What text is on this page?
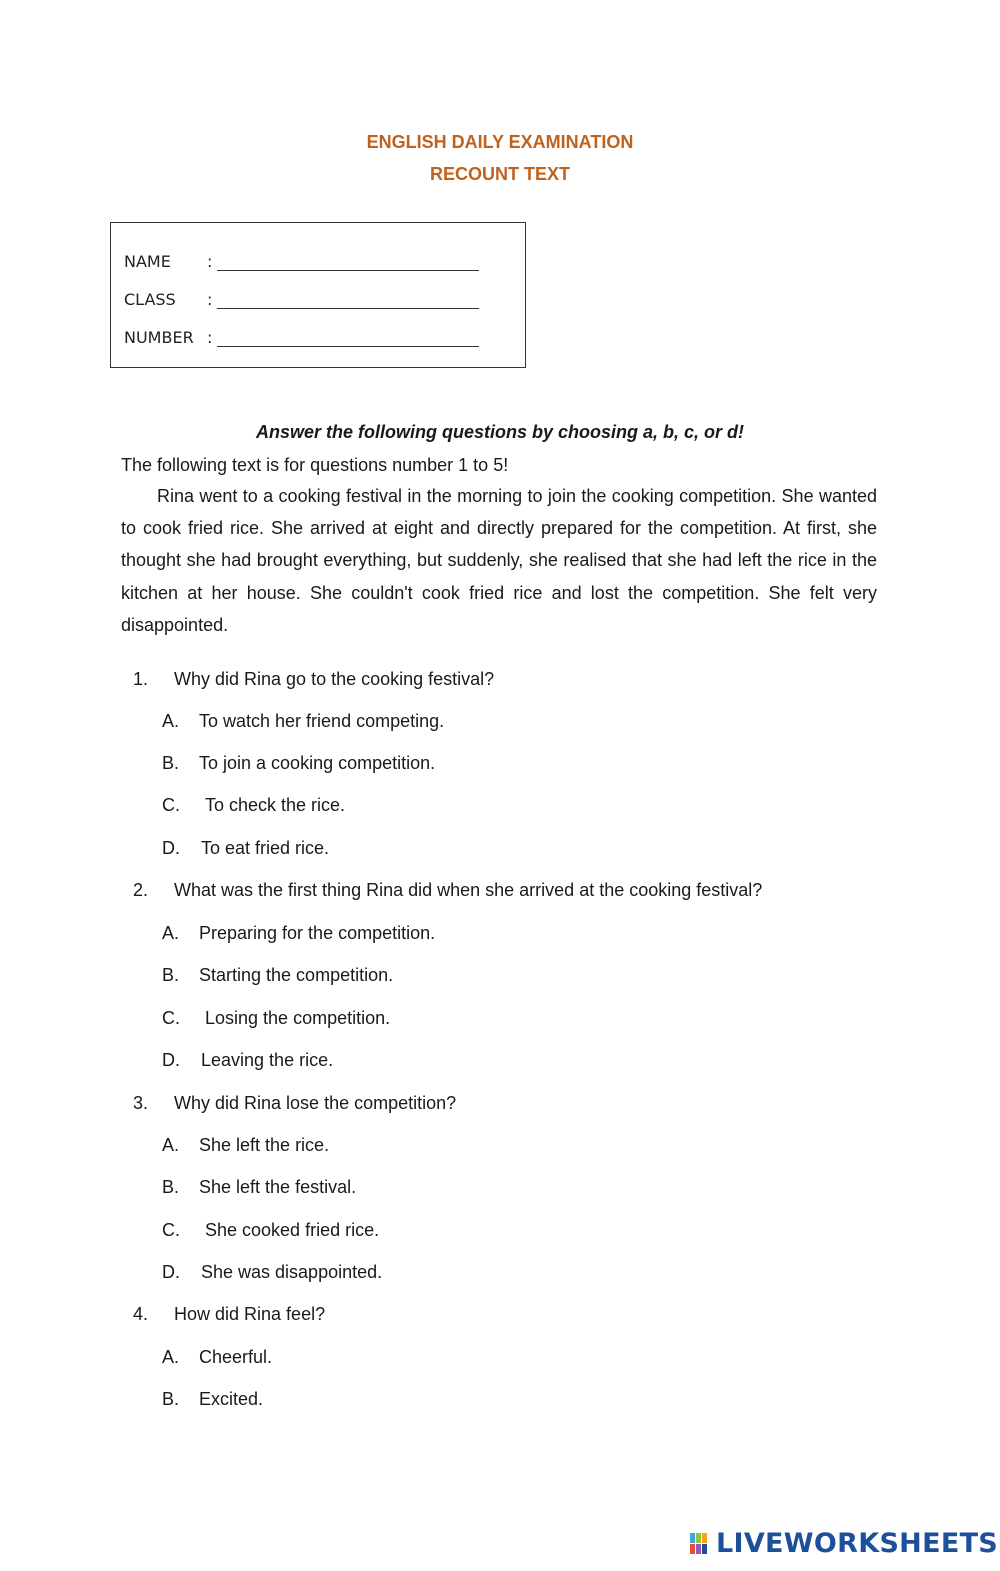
ENGLISH DAILY EXAMINATION
RECOUNT TEXT
NAME :
CLASS :
NUMBER :
Answer the following questions by choosing a, b, c, or d!
The following text is for questions number 1 to 5!

Rina went to a cooking festival in the morning to join the cooking competition. She wanted to cook fried rice. She arrived at eight and directly prepared for the competition. At first, she thought she had brought everything, but suddenly, she realised that she had left the rice in the kitchen at her house. She couldn't cook fried rice and lost the competition. She felt very disappointed.

1. Why did Rina go to the cooking festival?
A. To watch her friend competing.
B. To join a cooking competition.
C. To check the rice.
D. To eat fried rice.
2. What was the first thing Rina did when she arrived at the cooking festival?
A. Preparing for the competition.
B. Starting the competition.
C. Losing the competition.
D. Leaving the rice.
3. Why did Rina lose the competition?
A. She left the rice.
B. She left the festival.
C. She cooked fried rice.
D. She was disappointed.
4. How did Rina feel?
A. Cheerful.
B. Excited.
LIVEWORKSHEETS
